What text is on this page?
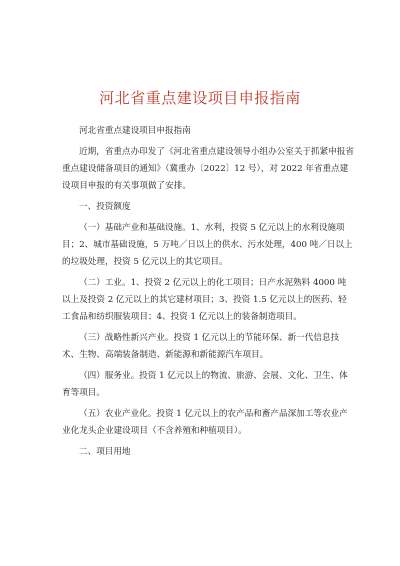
河北省重点建设项目申报指南

河北省重点建设项目申报指南

近期，省重点办印发了《河北省重点建设领导小组办公室关于抓紧申报省重点建设储备项目的通知》（冀重办〔2022〕12 号），对 2022 年省重点建设项目申报的有关事项做了安排。

一、投资额度

（一）基础产业和基础设施。1、水利，投资 5 亿元以上的水利设施项目；2、城市基础设施，5 万吨／日以上的供水、污水处理，400 吨／日以上的垃圾处理，投资 5 亿元以上的其它项目。

（二）工业。1、投资 2 亿元以上的化工项目；日产水泥熟料 4000 吨以上及投资 2 亿元以上的其它建材项目；3、投资 1.5 亿元以上的医药、轻工食品和纺织服装项目；4、投资 1 亿元以上的装备制造项目。

（三）战略性新兴产业。投资 1 亿元以上的节能环保、新一代信息技术、生物、高端装备制造、新能源和新能源汽车项目。

（四）服务业。投资 1 亿元以上的物流、旅游、会展、文化、卫生、体育等项目。

（五）农业产业化。投资 1 亿元以上的农产品和畜产品深加工等农业产业化龙头企业建设项目（不含养殖和种植项目）。

二、项目用地
